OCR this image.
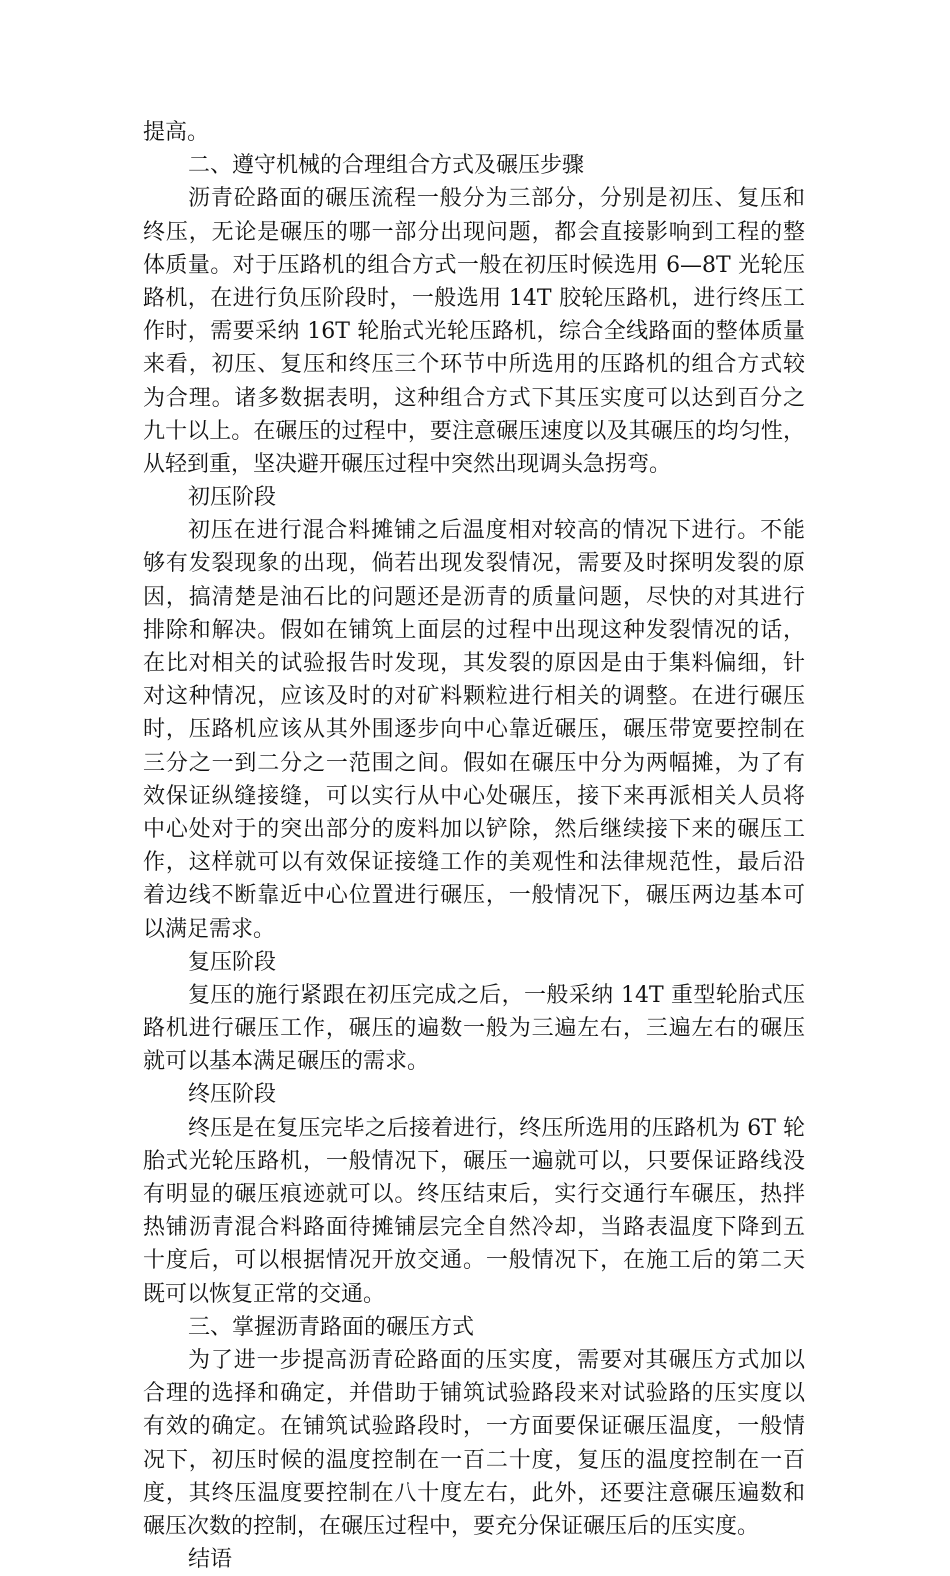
提高。
二、遵守机械的合理组合方式及碾压步骤
沥青砼路面的碾压流程一般分为三部分，分别是初压、复压和
终压，无论是碾压的哪一部分出现问题，都会直接影响到工程的整
体质量。对于压路机的组合方式一般在初压时候选用 6—8T 光轮压
路机，在进行负压阶段时，一般选用 14T 胶轮压路机，进行终压工
作时，需要采纳 16T 轮胎式光轮压路机，综合全线路面的整体质量
来看，初压、复压和终压三个环节中所选用的压路机的组合方式较
为合理。诸多数据表明，这种组合方式下其压实度可以达到百分之
九十以上。在碾压的过程中，要注意碾压速度以及其碾压的均匀性，
从轻到重，坚决避开碾压过程中突然出现调头急拐弯。
初压阶段
初压在进行混合料摊铺之后温度相对较高的情况下进行。不能
够有发裂现象的出现，倘若出现发裂情况，需要及时探明发裂的原
因，搞清楚是油石比的问题还是沥青的质量问题，尽快的对其进行
排除和解决。假如在铺筑上面层的过程中出现这种发裂情况的话，
在比对相关的试验报告时发现，其发裂的原因是由于集料偏细，针
对这种情况，应该及时的对矿料颗粒进行相关的调整。在进行碾压
时，压路机应该从其外围逐步向中心靠近碾压，碾压带宽要控制在
三分之一到二分之一范围之间。假如在碾压中分为两幅摊，为了有
效保证纵缝接缝，可以实行从中心处碾压，接下来再派相关人员将
中心处对于的突出部分的废料加以铲除，然后继续接下来的碾压工
作，这样就可以有效保证接缝工作的美观性和法律规范性，最后沿
着边线不断靠近中心位置进行碾压，一般情况下，碾压两边基本可
以满足需求。
复压阶段
复压的施行紧跟在初压完成之后，一般采纳 14T 重型轮胎式压
路机进行碾压工作，碾压的遍数一般为三遍左右，三遍左右的碾压
就可以基本满足碾压的需求。
终压阶段
终压是在复压完毕之后接着进行，终压所选用的压路机为 6T 轮
胎式光轮压路机，一般情况下，碾压一遍就可以，只要保证路线没
有明显的碾压痕迹就可以。终压结束后，实行交通行车碾压，热拌
热铺沥青混合料路面待摊铺层完全自然冷却，当路表温度下降到五
十度后，可以根据情况开放交通。一般情况下，在施工后的第二天
既可以恢复正常的交通。
三、掌握沥青路面的碾压方式
为了进一步提高沥青砼路面的压实度，需要对其碾压方式加以
合理的选择和确定，并借助于铺筑试验路段来对试验路的压实度以
有效的确定。在铺筑试验路段时，一方面要保证碾压温度，一般情
况下，初压时候的温度控制在一百二十度，复压的温度控制在一百
度，其终压温度要控制在八十度左右，此外，还要注意碾压遍数和
碾压次数的控制，在碾压过程中，要充分保证碾压后的压实度。
结语
